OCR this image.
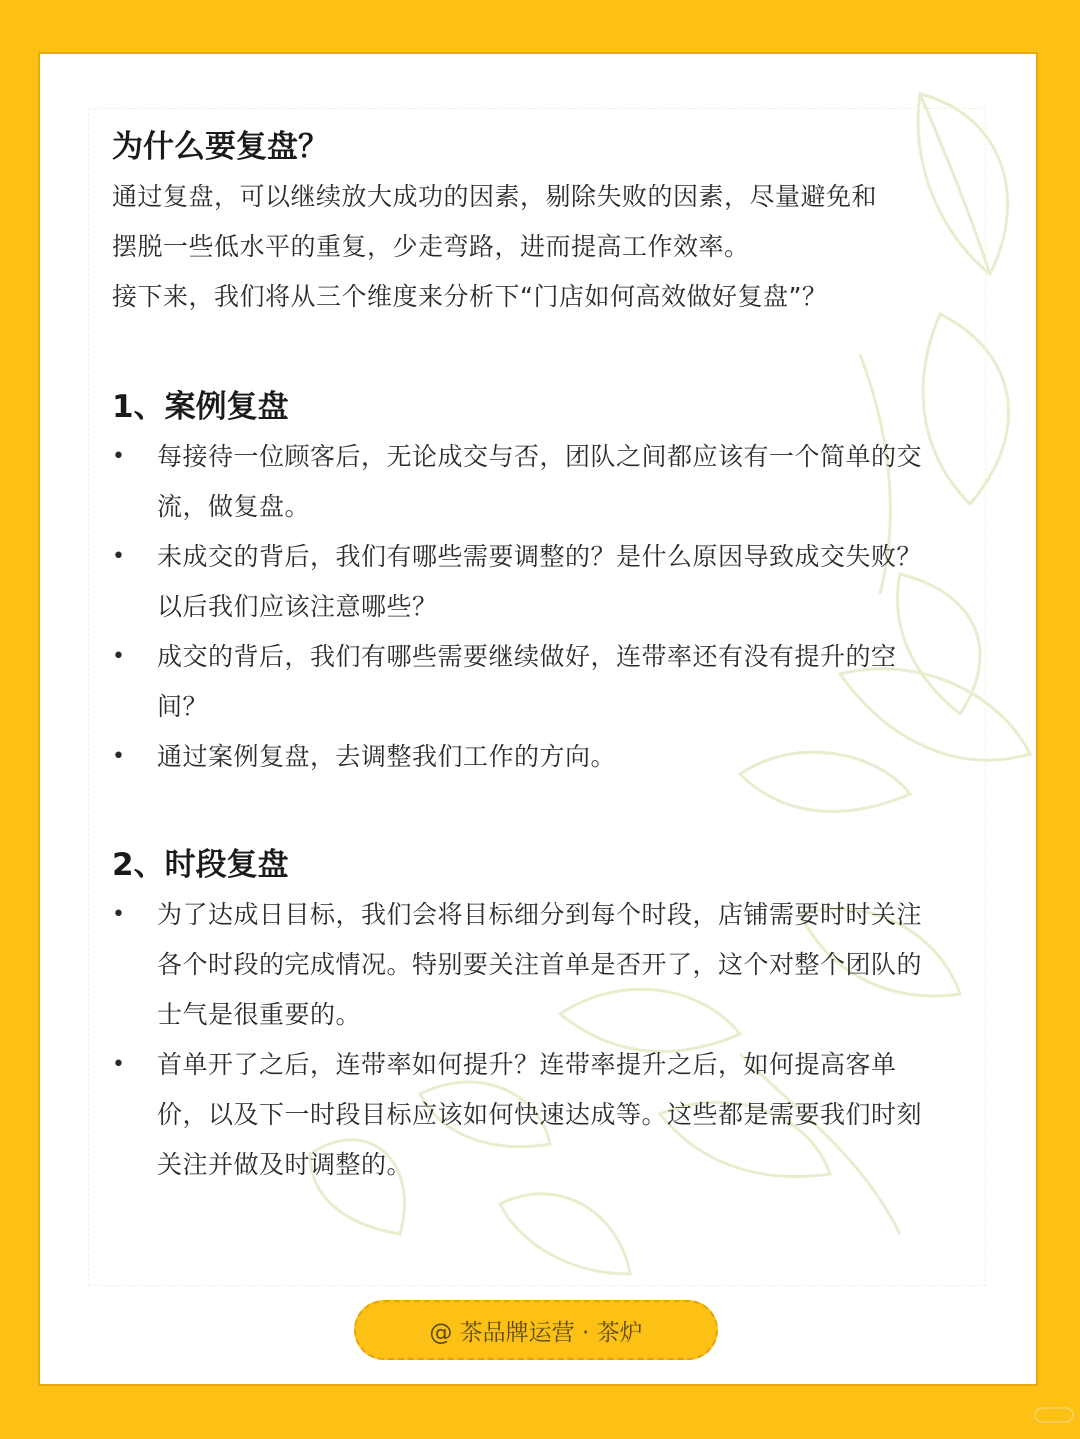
为什么要复盘？

通过复盘，可以继续放大成功的因素，剔除失败的因素，尽量避免和

摆脱一些低水平的重复，少走弯路，进而提高工作效率。

接下来，我们将从三个维度来分析下“门店如何高效做好复盘”？

1、案例复盘

• 每接待一位顾客后，无论成交与否，团队之间都应该有一个简单的交流，做复盘。
• 未成交的背后，我们有哪些需要调整的？是什么原因导致成交失败？以后我们应该注意哪些？
• 成交的背后，我们有哪些需要继续做好，连带率还有没有提升的空间？
• 通过案例复盘，去调整我们工作的方向。

2、时段复盘

• 为了达成日目标，我们会将目标细分到每个时段，店铺需要时时关注各个时段的完成情况。特别要关注首单是否开了，这个对整个团队的士气是很重要的。
• 首单开了之后，连带率如何提升？连带率提升之后，如何提高客单价，以及下一时段目标应该如何快速达成等。这些都是需要我们时刻关注并做及时调整的。
@ 茶品牌运营 · 茶炉
